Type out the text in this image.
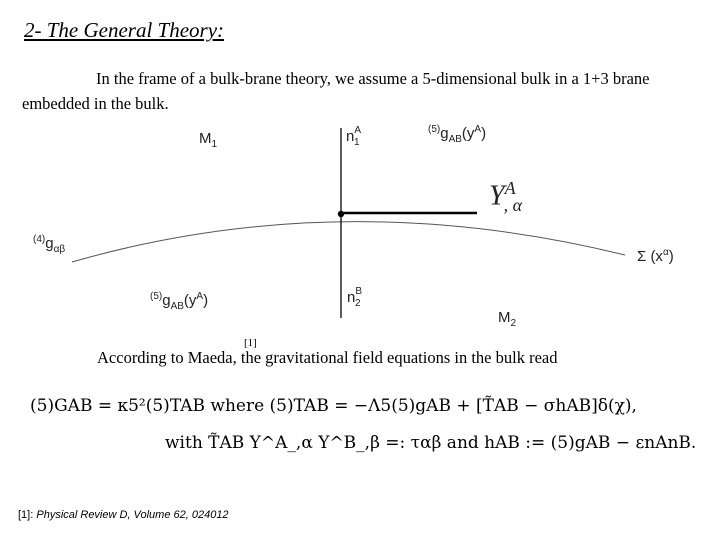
2- The General Theory:
In the frame of a bulk-brane theory, we assume a 5-dimensional bulk in a 1+3 brane embedded in the bulk.
$M_1$	$n^A_1$
$^{(5)}g_{AB}(y^A)$
$Y^A_{, \alpha}$
$^{(4)}g_{\alpha\beta}$	Σ $(x^\alpha)$
$^{(5)}g_{AB}(y^A)$	$n^B_2$
$M_2$
[1]
According to Maeda, the gravitational field equations in the bulk read
(5)GAB = κ5²(5)TAB where (5)TAB = −Λ5(5)gAB + [T̃AB − σhAB]δ(χ),
with T̃AB Y^A_,α Y^B_,β =: ταβ and hAB := (5)gAB − εnAnB.
[1]: Physical Review D, Volume 62, 024012
